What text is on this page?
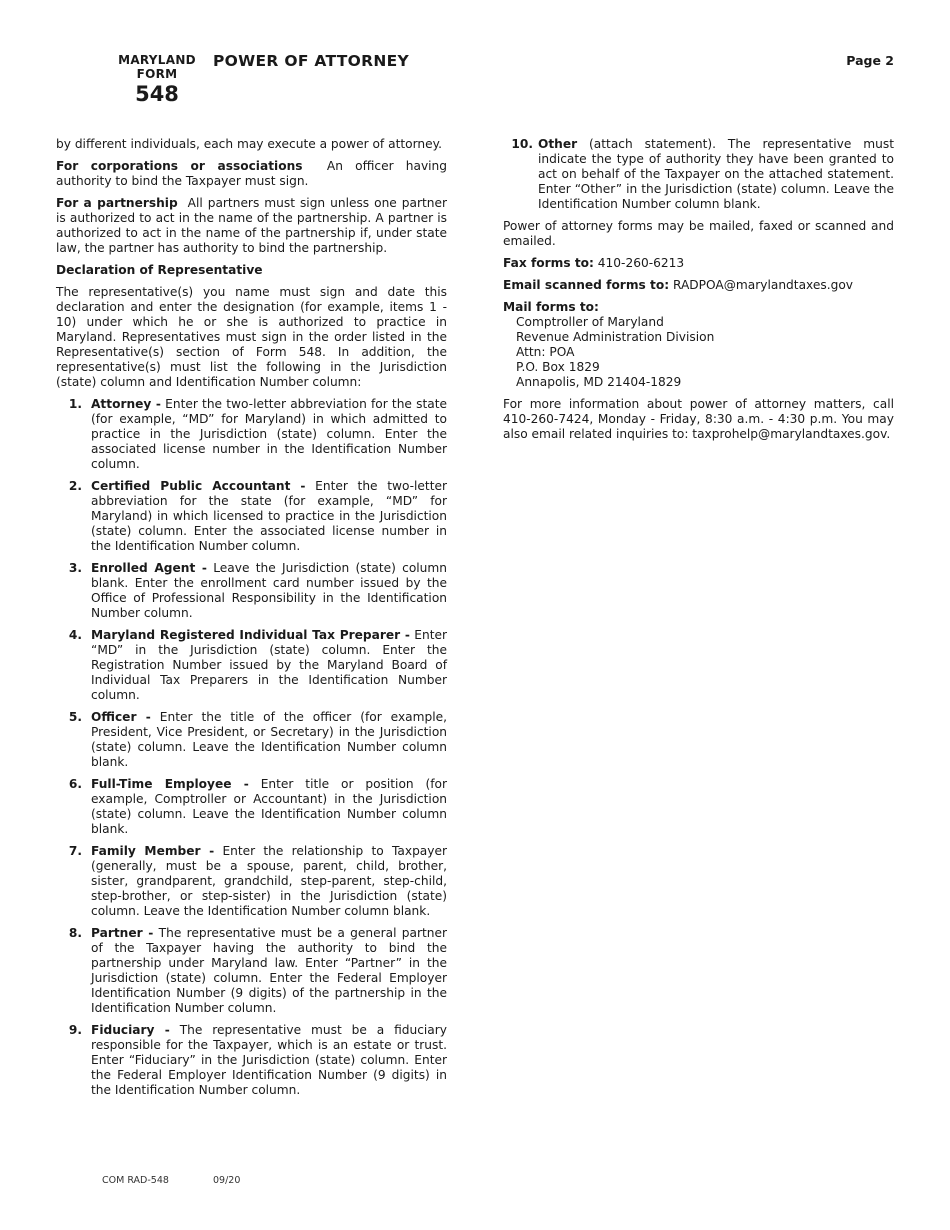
MARYLAND
FORM
548
POWER OF ATTORNEY	Page 2

by different individuals, each may execute a power of attorney.

For corporations or associations An officer having authority to bind the Taxpayer must sign.

For a partnership All partners must sign unless one partner is authorized to act in the name of the partnership. A partner is authorized to act in the name of the partnership if, under state law, the partner has authority to bind the partnership.

Declaration of Representative

The representative(s) you name must sign and date this declaration and enter the designation (for example, items 1 - 10) under which he or she is authorized to practice in Maryland. Representatives must sign in the order listed in the Representative(s) section of Form 548. In addition, the representative(s) must list the following in the Jurisdiction (state) column and Identification Number column:

1. Attorney - Enter the two-letter abbreviation for the state (for example, “MD” for Maryland) in which admitted to practice in the Jurisdiction (state) column. Enter the associated license number in the Identification Number column.
2. Certified Public Accountant - Enter the two-letter abbreviation for the state (for example, “MD” for Maryland) in which licensed to practice in the Jurisdiction (state) column. Enter the associated license number in the Identification Number column.
3. Enrolled Agent - Leave the Jurisdiction (state) column blank. Enter the enrollment card number issued by the Office of Professional Responsibility in the Identification Number column.
4. Maryland Registered Individual Tax Preparer - Enter “MD” in the Jurisdiction (state) column. Enter the Registration Number issued by the Maryland Board of Individual Tax Preparers in the Identification Number column.
5. Officer - Enter the title of the officer (for example, President, Vice President, or Secretary) in the Jurisdiction (state) column. Leave the Identification Number column blank.
6. Full-Time Employee - Enter title or position (for example, Comptroller or Accountant) in the Jurisdiction (state) column. Leave the Identification Number column blank.
7. Family Member - Enter the relationship to Taxpayer (generally, must be a spouse, parent, child, brother, sister, grandparent, grandchild, step-parent, step-child, step-brother, or step-sister) in the Jurisdiction (state) column. Leave the Identification Number column blank.
8. Partner - The representative must be a general partner of the Taxpayer having the authority to bind the partnership under Maryland law. Enter “Partner” in the Jurisdiction (state) column. Enter the Federal Employer Identification Number (9 digits) of the partnership in the Identification Number column.
9. Fiduciary - The representative must be a fiduciary responsible for the Taxpayer, which is an estate or trust. Enter “Fiduciary” in the Jurisdiction (state) column. Enter the Federal Employer Identification Number (9 digits) in the Identification Number column.
10. Other (attach statement). The representative must indicate the type of authority they have been granted to act on behalf of the Taxpayer on the attached statement. Enter “Other” in the Jurisdiction (state) column. Leave the Identification Number column blank.

Power of attorney forms may be mailed, faxed or scanned and emailed.

Fax forms to: 410-260-6213

Email scanned forms to: RADPOA@marylandtaxes.gov

Mail forms to:
Comptroller of Maryland
Revenue Administration Division
Attn: POA
P.O. Box 1829
Annapolis, MD 21404-1829

For more information about power of attorney matters, call 410-260-7424, Monday - Friday, 8:30 a.m. - 4:30 p.m. You may also email related inquiries to: taxprohelp@marylandtaxes.gov.

COM RAD-548	09/20
